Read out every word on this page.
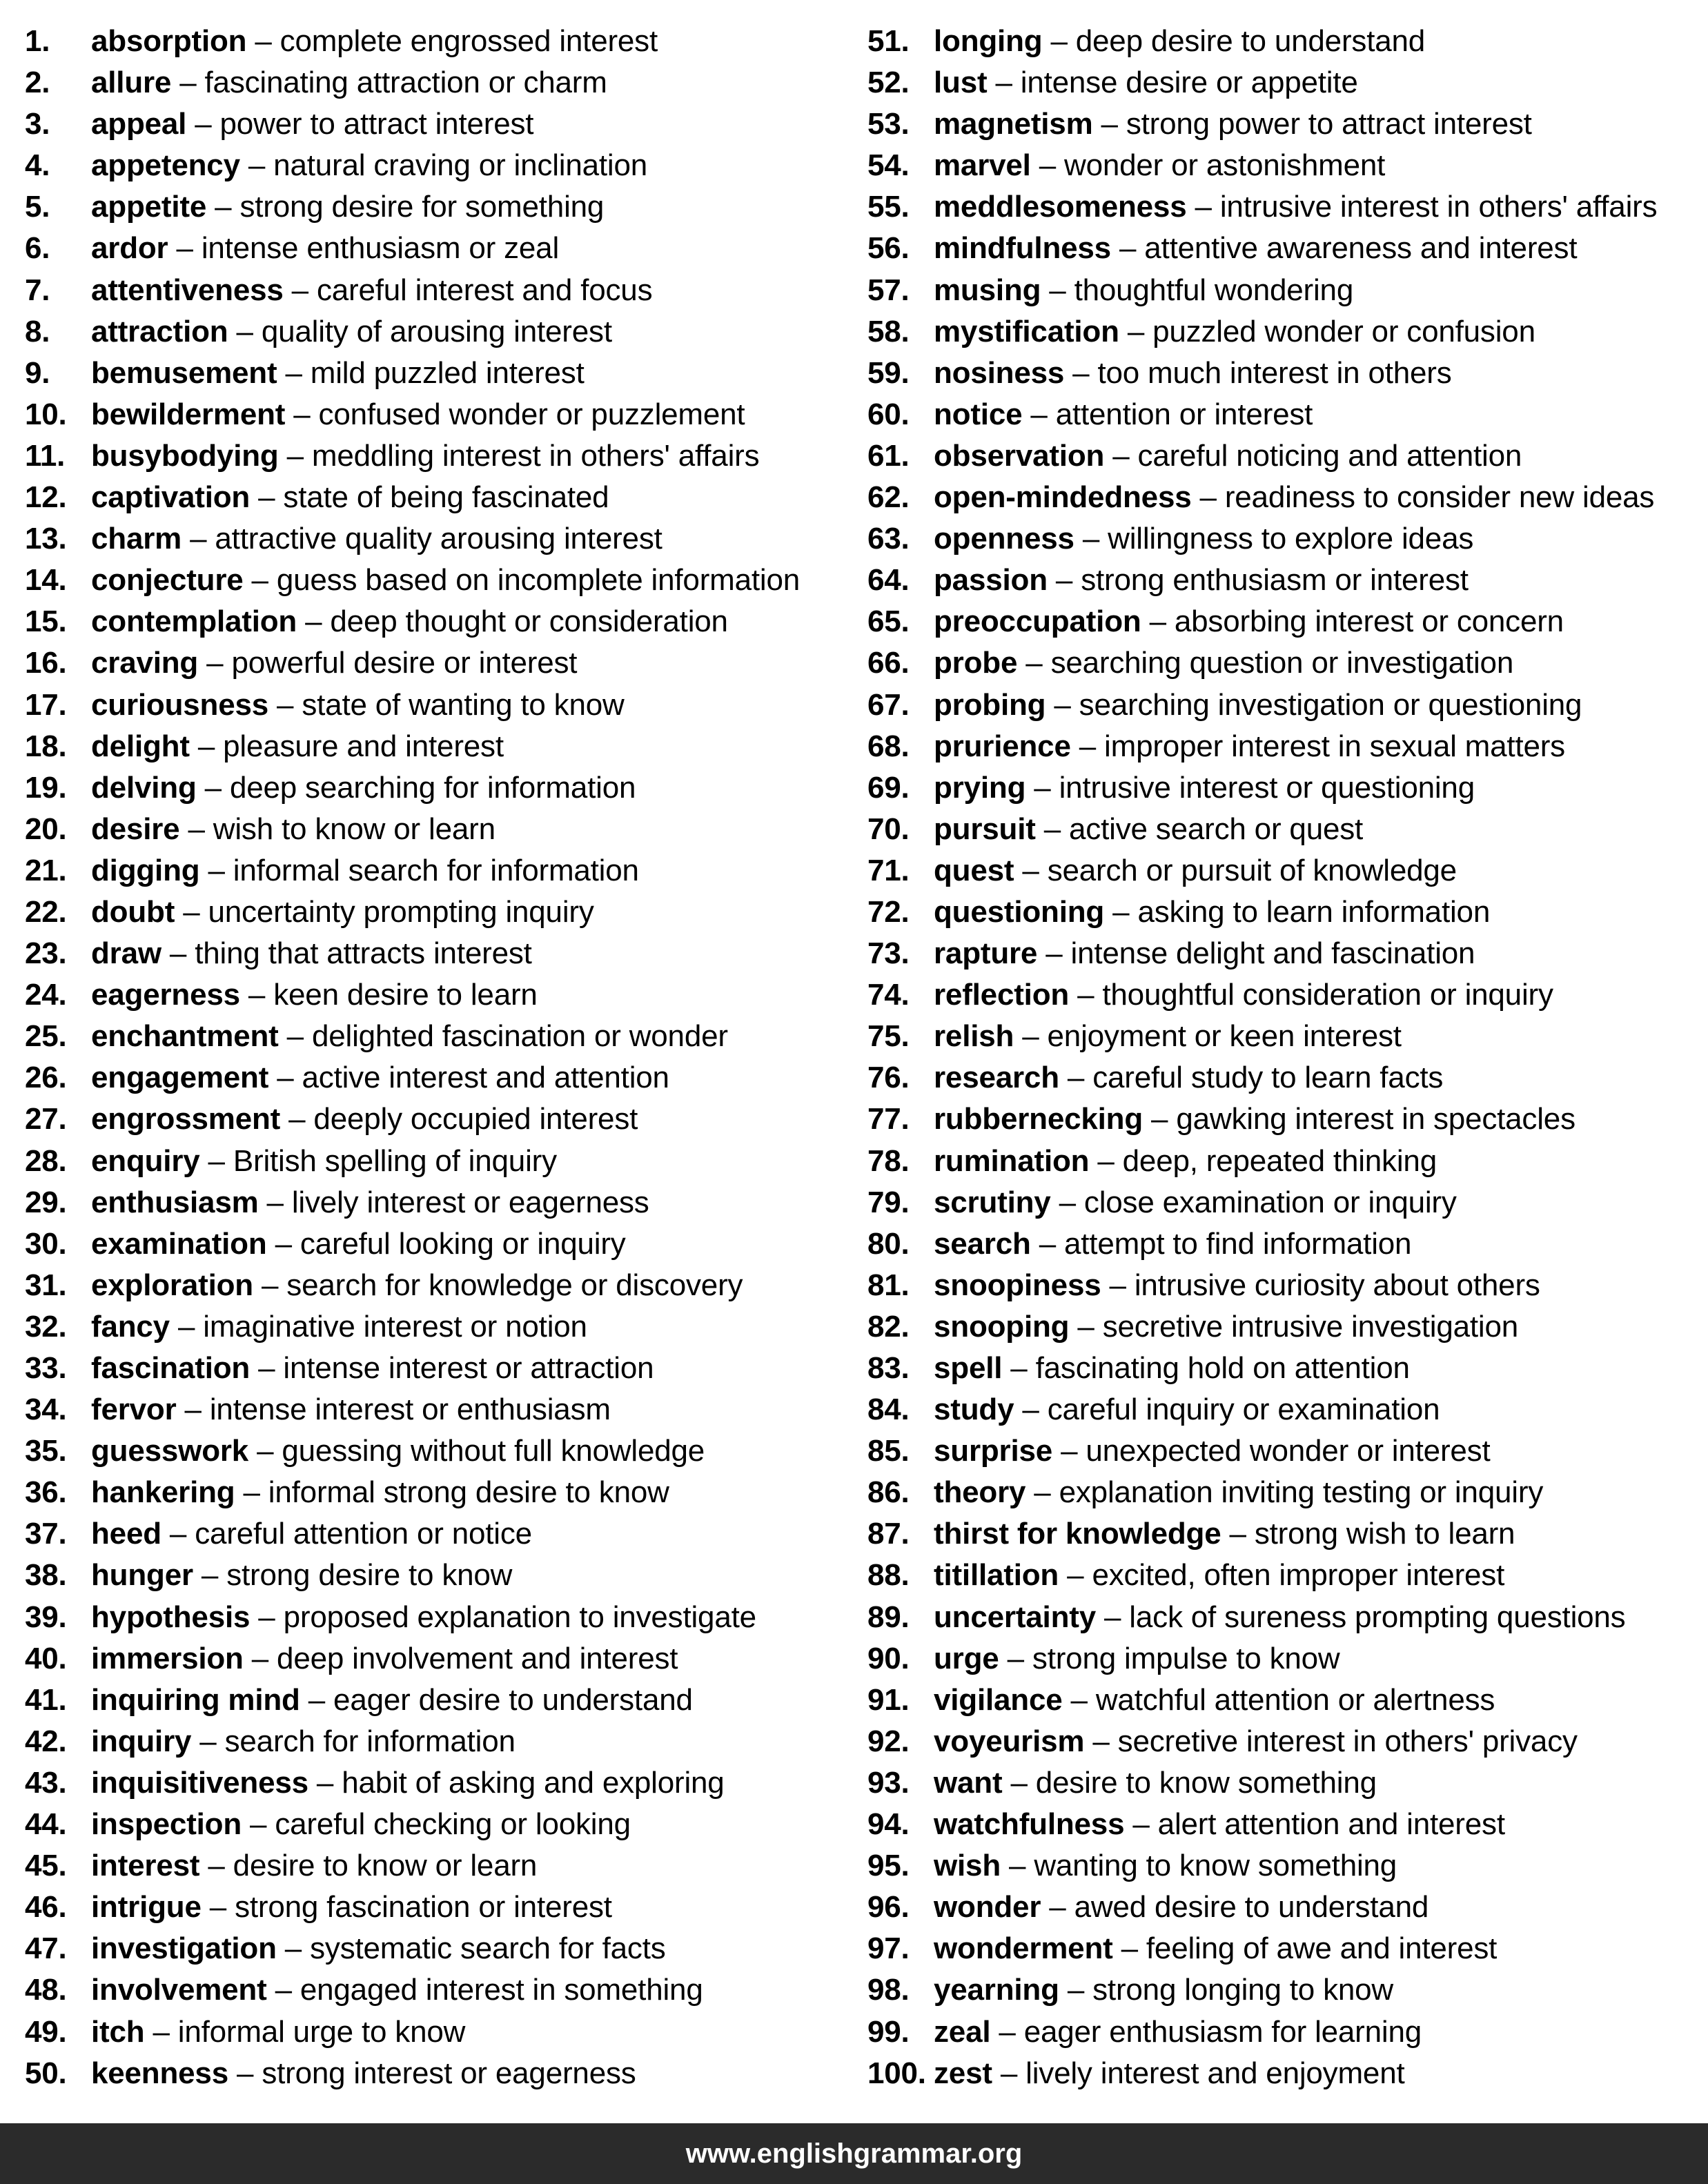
1. absorption – complete engrossed interest
2. allure – fascinating attraction or charm
3. appeal – power to attract interest
4. appetency – natural craving or inclination
5. appetite – strong desire for something
6. ardor – intense enthusiasm or zeal
7. attentiveness – careful interest and focus
8. attraction – quality of arousing interest
9. bemusement – mild puzzled interest
10. bewilderment – confused wonder or puzzlement
11. busybodying – meddling interest in others' affairs
12. captivation – state of being fascinated
13. charm – attractive quality arousing interest
14. conjecture – guess based on incomplete information
15. contemplation – deep thought or consideration
16. craving – powerful desire or interest
17. curiousness – state of wanting to know
18. delight – pleasure and interest
19. delving – deep searching for information
20. desire – wish to know or learn
21. digging – informal search for information
22. doubt – uncertainty prompting inquiry
23. draw – thing that attracts interest
24. eagerness – keen desire to learn
25. enchantment – delighted fascination or wonder
26. engagement – active interest and attention
27. engrossment – deeply occupied interest
28. enquiry – British spelling of inquiry
29. enthusiasm – lively interest or eagerness
30. examination – careful looking or inquiry
31. exploration – search for knowledge or discovery
32. fancy – imaginative interest or notion
33. fascination – intense interest or attraction
34. fervor – intense interest or enthusiasm
35. guesswork – guessing without full knowledge
36. hankering – informal strong desire to know
37. heed – careful attention or notice
38. hunger – strong desire to know
39. hypothesis – proposed explanation to investigate
40. immersion – deep involvement and interest
41. inquiring mind – eager desire to understand
42. inquiry – search for information
43. inquisitiveness – habit of asking and exploring
44. inspection – careful checking or looking
45. interest – desire to know or learn
46. intrigue – strong fascination or interest
47. investigation – systematic search for facts
48. involvement – engaged interest in something
49. itch – informal urge to know
50. keenness – strong interest or eagerness
51. longing – deep desire to understand
52. lust – intense desire or appetite
53. magnetism – strong power to attract interest
54. marvel – wonder or astonishment
55. meddlesomeness – intrusive interest in others' affairs
56. mindfulness – attentive awareness and interest
57. musing – thoughtful wondering
58. mystification – puzzled wonder or confusion
59. nosiness – too much interest in others
60. notice – attention or interest
61. observation – careful noticing and attention
62. open-mindedness – readiness to consider new ideas
63. openness – willingness to explore ideas
64. passion – strong enthusiasm or interest
65. preoccupation – absorbing interest or concern
66. probe – searching question or investigation
67. probing – searching investigation or questioning
68. prurience – improper interest in sexual matters
69. prying – intrusive interest or questioning
70. pursuit – active search or quest
71. quest – search or pursuit of knowledge
72. questioning – asking to learn information
73. rapture – intense delight and fascination
74. reflection – thoughtful consideration or inquiry
75. relish – enjoyment or keen interest
76. research – careful study to learn facts
77. rubbernecking – gawking interest in spectacles
78. rumination – deep, repeated thinking
79. scrutiny – close examination or inquiry
80. search – attempt to find information
81. snoopiness – intrusive curiosity about others
82. snooping – secretive intrusive investigation
83. spell – fascinating hold on attention
84. study – careful inquiry or examination
85. surprise – unexpected wonder or interest
86. theory – explanation inviting testing or inquiry
87. thirst for knowledge – strong wish to learn
88. titillation – excited, often improper interest
89. uncertainty – lack of sureness prompting questions
90. urge – strong impulse to know
91. vigilance – watchful attention or alertness
92. voyeurism – secretive interest in others' privacy
93. want – desire to know something
94. watchfulness – alert attention and interest
95. wish – wanting to know something
96. wonder – awed desire to understand
97. wonderment – feeling of awe and interest
98. yearning – strong longing to know
99. zeal – eager enthusiasm for learning
100. zest – lively interest and enjoyment
www.englishgrammar.org
